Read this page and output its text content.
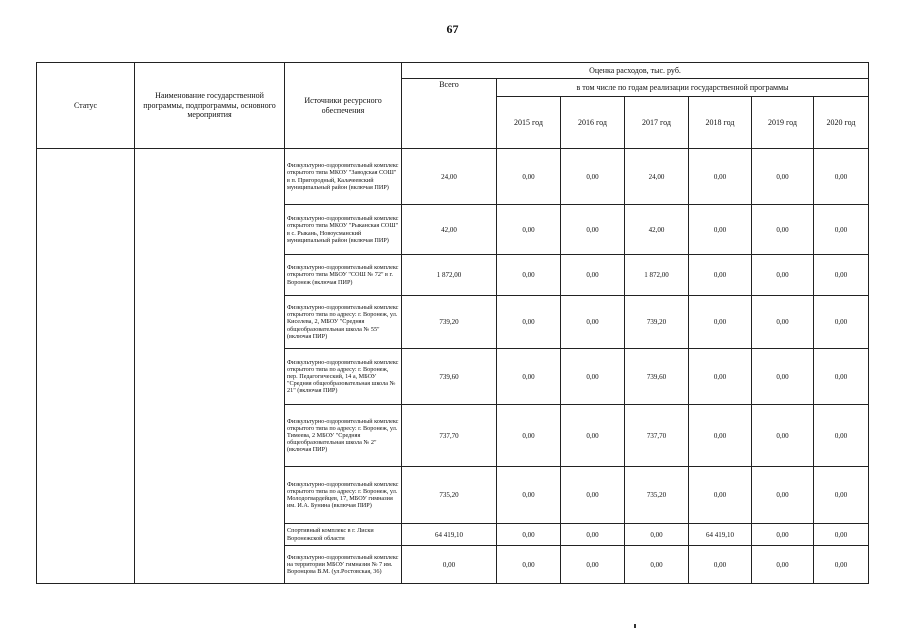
67
Статус	Наименование государственной программы, подпрограммы, основного мероприятия	Источники ресурсного обеспечения	Оценка расходов, тыс. руб.						
			Всего	в том числе по годам реализации государственной программы					
				2015 год	2016 год	2017 год	2018 год	2019 год	2020 год
		Физкультурно-оздоровительный комплекс открытого типа МКОУ "Заводская СОШ" в п. Пригородный, Калачеевский муниципальный район (включая ПИР)	24,00	0,00	0,00	24,00	0,00	0,00	0,00
		Физкультурно-оздоровительный комплекс открытого типа МКОУ "Рыканская СОШ" в с. Рыкань, Новоусманский муниципальный район (включая ПИР)	42,00	0,00	0,00	42,00	0,00	0,00	0,00
		Физкультурно-оздоровительный комплекс открытого типа МБОУ "СОШ № 72" в г. Воронеж (включая ПИР)	1 872,00	0,00	0,00	1 872,00	0,00	0,00	0,00
		Физкультурно-оздоровительный комплекс открытого типа по адресу: г. Воронеж, ул. Киселева, 2, МБОУ "Средняя общеобразовательная школа № 55" (включая ПИР)	739,20	0,00	0,00	739,20	0,00	0,00	0,00
		Физкультурно-оздоровительный комплекс открытого типа по адресу: г. Воронеж, пер. Педагогический, 14 а, МБОУ "Средняя общеобразовательная школа № 21" (включая ПИР)	739,60	0,00	0,00	739,60	0,00	0,00	0,00
		Физкультурно-оздоровительный комплекс открытого типа по адресу: г. Воронеж, ул. Тимеева, 2 МБОУ "Средняя общеобразовательная школа № 2" (включая ПИР)	737,70	0,00	0,00	737,70	0,00	0,00	0,00
		Физкультурно-оздоровительный комплекс открытого типа по адресу: г. Воронеж, ул. Молодогвардейцев, 17, МБОУ гимназия им. И.А. Бунина (включая ПИР)	735,20	0,00	0,00	735,20	0,00	0,00	0,00
		Спортивный комплекс в г. Лиски Воронежской области	64 419,10	0,00	0,00	0,00	64 419,10	0,00	0,00
		Физкультурно-оздоровительный комплекс на территории МБОУ гимназия № 7 им. Воронцова В.М. (ул.Ростовская, 36)	0,00	0,00	0,00	0,00	0,00	0,00	0,00
